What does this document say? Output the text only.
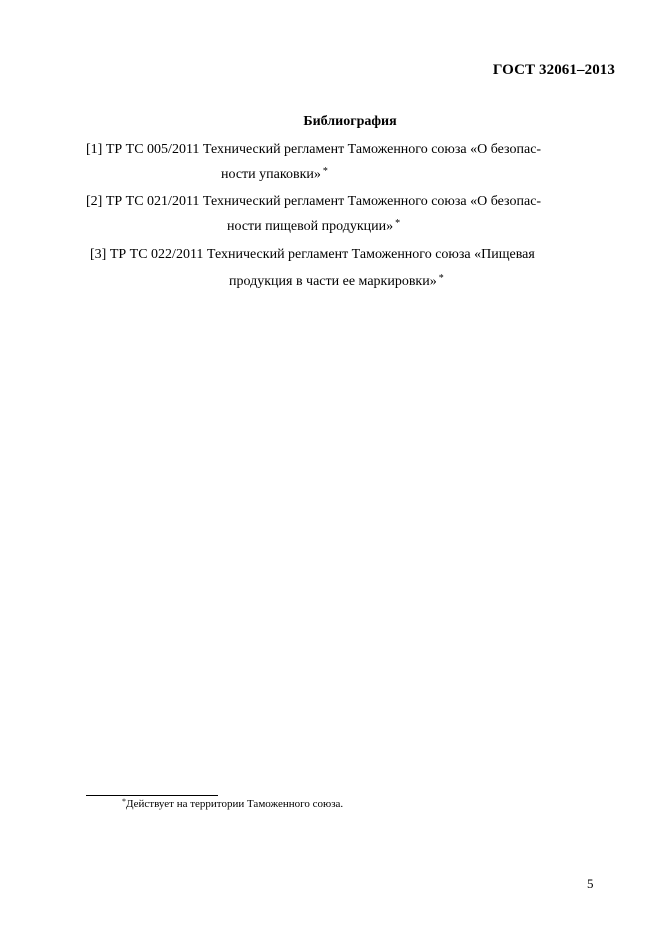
ГОСТ 32061–2013
Библиография
[1] ТР ТС 005/2011 Технический регламент Таможенного союза «О безопас-
ности упаковки» *
[2] ТР ТС 021/2011 Технический регламент Таможенного союза «О безопас-
ности пищевой продукции» *
[3] ТР ТС 022/2011 Технический регламент Таможенного союза «Пищевая
продукция в части ее маркировки» *
*Действует на территории Таможенного союза.
5
